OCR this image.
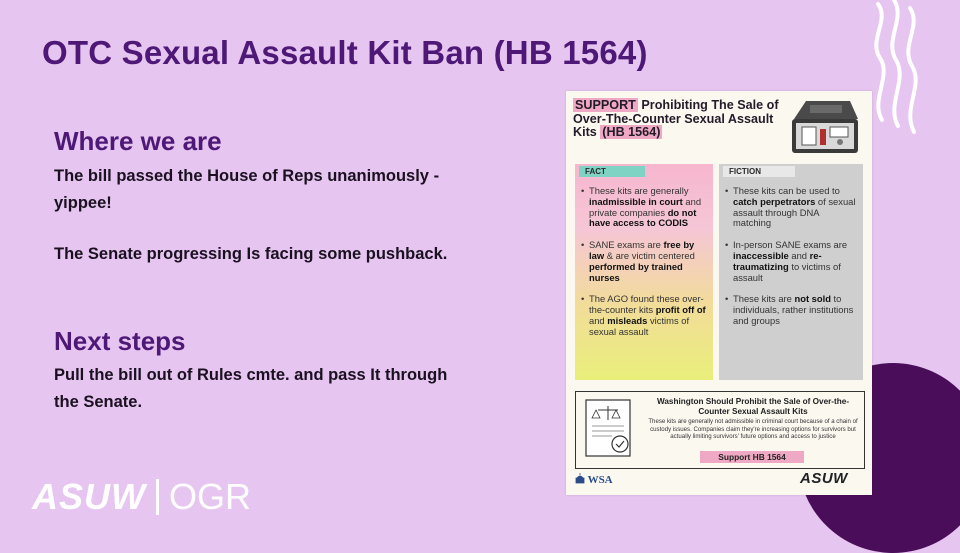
OTC Sexual Assault Kit Ban (HB 1564)
Where we are

The bill passed the House of Reps unanimously - yippee!

The Senate progressing Is facing some pushback.

Next steps

Pull the bill out of Rules cmte. and pass It through the Senate.

SUPPORT Prohibiting The Sale of Over-The-Counter Sexual Assault Kits (HB 1564)
FACT

• These kits are generally inadmissible in court and private companies do not have access to CODIS

• SANE exams are free by law & are victim centered performed by trained nurses

• The AGO found these over-the-counter kits profit off of and misleads victims of sexual assault

FICTION

• These kits can be used to catch perpetrators of sexual assault through DNA matching

• In-person SANE exams are inaccessible and re-traumatizing to victims of assault

• These kits are not sold to individuals, rather institutions and groups

Washington Should Prohibit the Sale of Over-the-Counter Sexual Assault Kits
These kits are generally not admissible in criminal court because of a chain of custody issues. Companies claim they're increasing options for survivors but actually limiting survivors' future options and access to justice
Support HB 1564
WSA	ASUW
ASUW OGR
